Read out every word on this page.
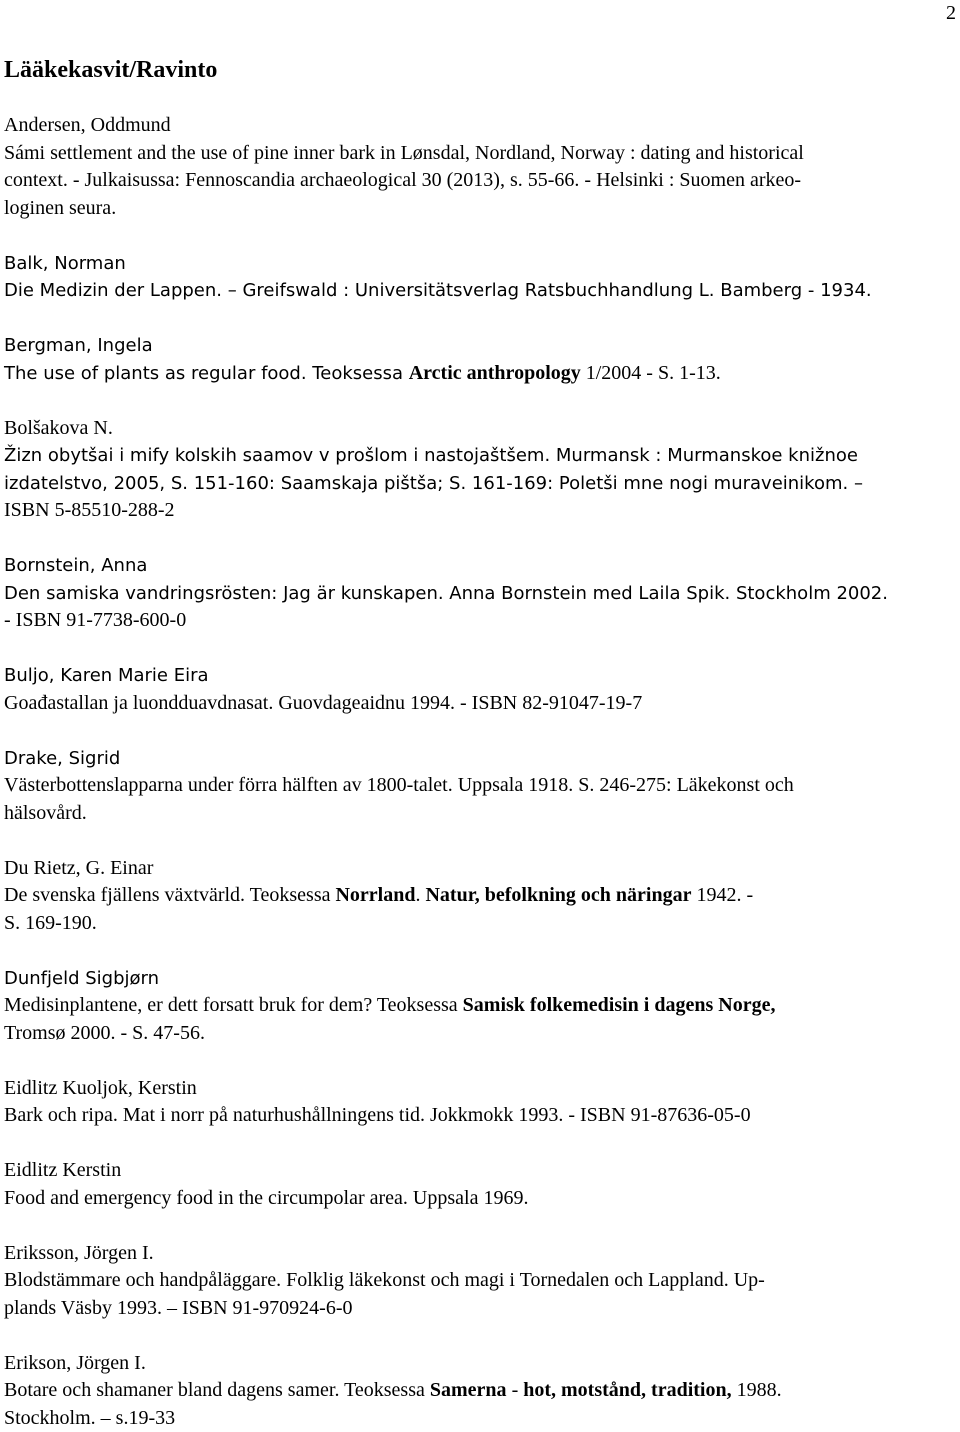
2
Lääkekasvit/Ravinto
Andersen, Oddmund
Sámi settlement and the use of pine inner bark in Lønsdal, Nordland, Norway : dating and historical
context. - Julkaisussa: Fennoscandia archaeological 30 (2013), s. 55-66. - Helsinki : Suomen arkeo-
loginen seura.
Balk, Norman
Die Medizin der Lappen. – Greifswald : Universitätsverlag Ratsbuchhandlung L. Bamberg - 1934.
Bergman, Ingela
The use of plants as regular food. Teoksessa Arctic anthropology 1/2004 - S. 1-13.
Bolšakova N.
Žizn obytšai i mify kolskih saamov v prošlom i nastojaštšem. Murmansk : Murmanskoe knižnoe
izdatelstvo, 2005, S. 151-160: Saamskaja pištša; S. 161-169: Poletši mne nogi muraveinikom. –
ISBN 5-85510-288-2
Bornstein, Anna
Den samiska vandringsrösten: Jag är kunskapen. Anna Bornstein med Laila Spik. Stockholm 2002.
- ISBN 91-7738-600-0
Buljo, Karen Marie Eira
Goađastallan ja luondduavdnasat. Guovdageaidnu 1994. - ISBN 82-91047-19-7
Drake, Sigrid
Västerbottenslapparna under förra hälften av 1800-talet. Uppsala 1918. S. 246-275: Läkekonst och
hälsovård.
Du Rietz, G. Einar
De svenska fjällens växtvärld. Teoksessa Norrland. Natur, befolkning och näringar 1942. -
S. 169-190.
Dunfjeld Sigbjørn
Medisinplantene, er dett forsatt bruk for dem? Teoksessa Samisk folkemedisin i dagens Norge,
Tromsø 2000. - S. 47-56.
Eidlitz Kuoljok, Kerstin
Bark och ripa. Mat i norr på naturhushållningens tid. Jokkmokk 1993. - ISBN 91-87636-05-0
Eidlitz Kerstin
Food and emergency food in the circumpolar area. Uppsala 1969.
Eriksson, Jörgen I.
Blodstämmare och handpåläggare. Folklig läkekonst och magi i Tornedalen och Lappland. Up-
plands Väsby 1993. – ISBN 91-970924-6-0
Erikson, Jörgen I.
Botare och shamaner bland dagens samer. Teoksessa Samerna - hot, motstånd, tradition, 1988.
Stockholm. – s.19-33
